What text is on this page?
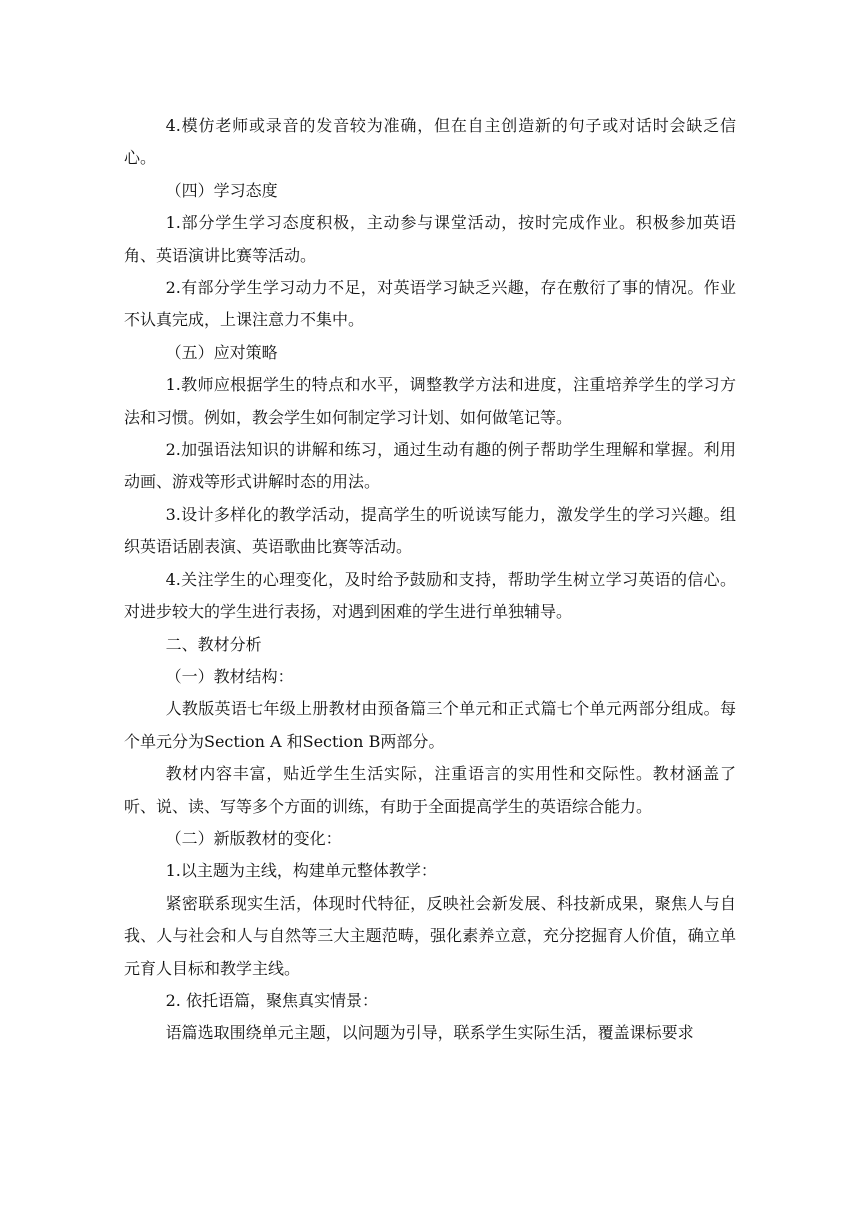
4.模仿老师或录音的发音较为准确，但在自主创造新的句子或对话时会缺乏信心。

（四）学习态度

1.部分学生学习态度积极，主动参与课堂活动，按时完成作业。积极参加英语角、英语演讲比赛等活动。

2.有部分学生学习动力不足，对英语学习缺乏兴趣，存在敷衍了事的情况。作业不认真完成，上课注意力不集中。

（五）应对策略

1.教师应根据学生的特点和水平，调整教学方法和进度，注重培养学生的学习方法和习惯。例如，教会学生如何制定学习计划、如何做笔记等。

2.加强语法知识的讲解和练习，通过生动有趣的例子帮助学生理解和掌握。利用动画、游戏等形式讲解时态的用法。

3.设计多样化的教学活动，提高学生的听说读写能力，激发学生的学习兴趣。组织英语话剧表演、英语歌曲比赛等活动。

4.关注学生的心理变化，及时给予鼓励和支持，帮助学生树立学习英语的信心。对进步较大的学生进行表扬，对遇到困难的学生进行单独辅导。

二、教材分析

（一）教材结构：

人教版英语七年级上册教材由预备篇三个单元和正式篇七个单元两部分组成。每个单元分为Section A 和Section B两部分。

教材内容丰富，贴近学生生活实际，注重语言的实用性和交际性。教材涵盖了听、说、读、写等多个方面的训练，有助于全面提高学生的英语综合能力。

（二）新版教材的变化：

1.以主题为主线，构建单元整体教学：

紧密联系现实生活，体现时代特征，反映社会新发展、科技新成果，聚焦人与自我、人与社会和人与自然等三大主题范畴，强化素养立意，充分挖掘育人价值，确立单元育人目标和教学主线。

2. 依托语篇，聚焦真实情景：

语篇选取围绕单元主题，以问题为引导，联系学生实际生活，覆盖课标要求
